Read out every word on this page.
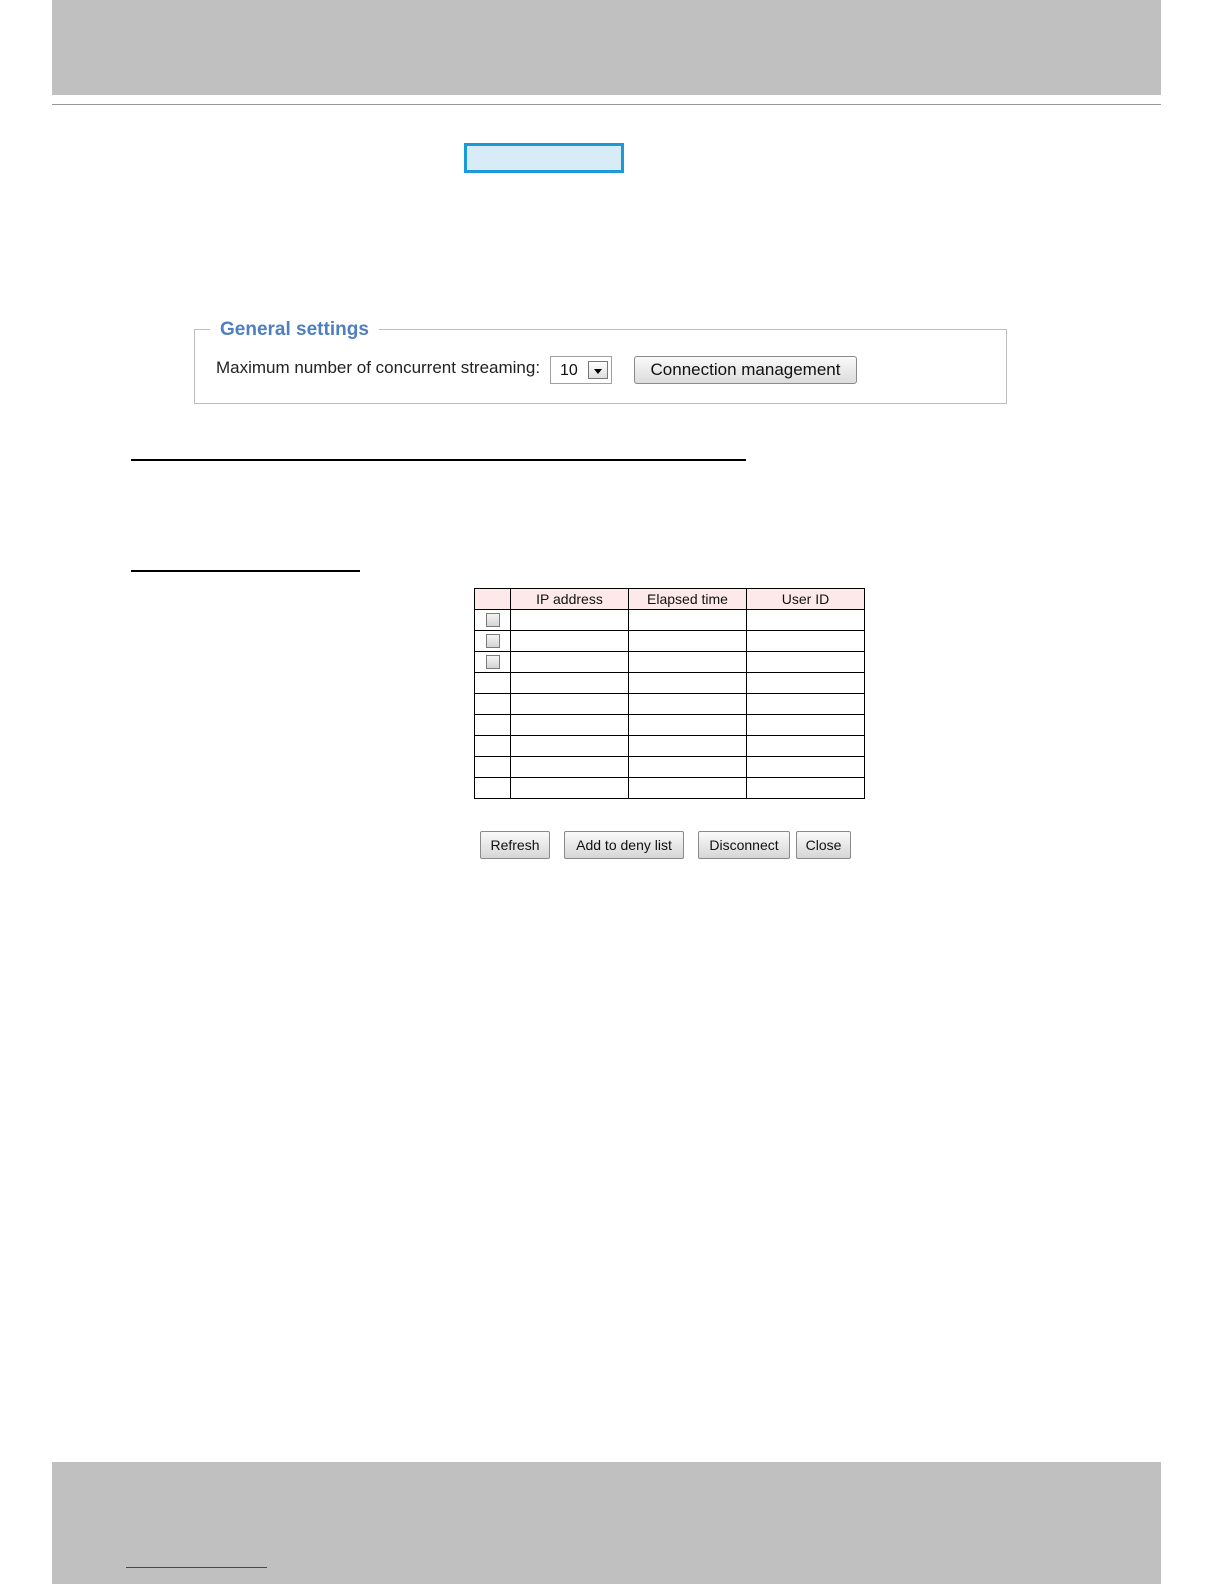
General settings
Maximum number of concurrent streaming: 10	Connection management
	IP address	Elapsed time	User ID

Refresh	Add to deny list	Disconnect	Close
